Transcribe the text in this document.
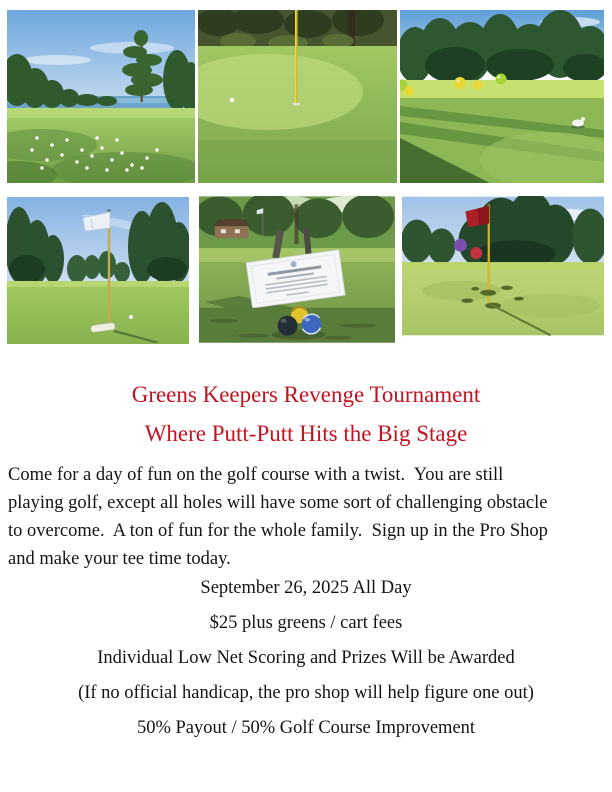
Greens Keepers Revenge Tournament
Where Putt-Putt Hits the Big Stage
Come for a day of fun on the golf course with a twist.  You are still
playing golf, except all holes will have some sort of challenging obstacle
to overcome.  A ton of fun for the whole family.  Sign up in the Pro Shop
and make your tee time today.
September 26, 2025 All Day
$25 plus greens / cart fees
Individual Low Net Scoring and Prizes Will be Awarded
(If no official handicap, the pro shop will help figure one out)
50% Payout / 50% Golf Course Improvement
